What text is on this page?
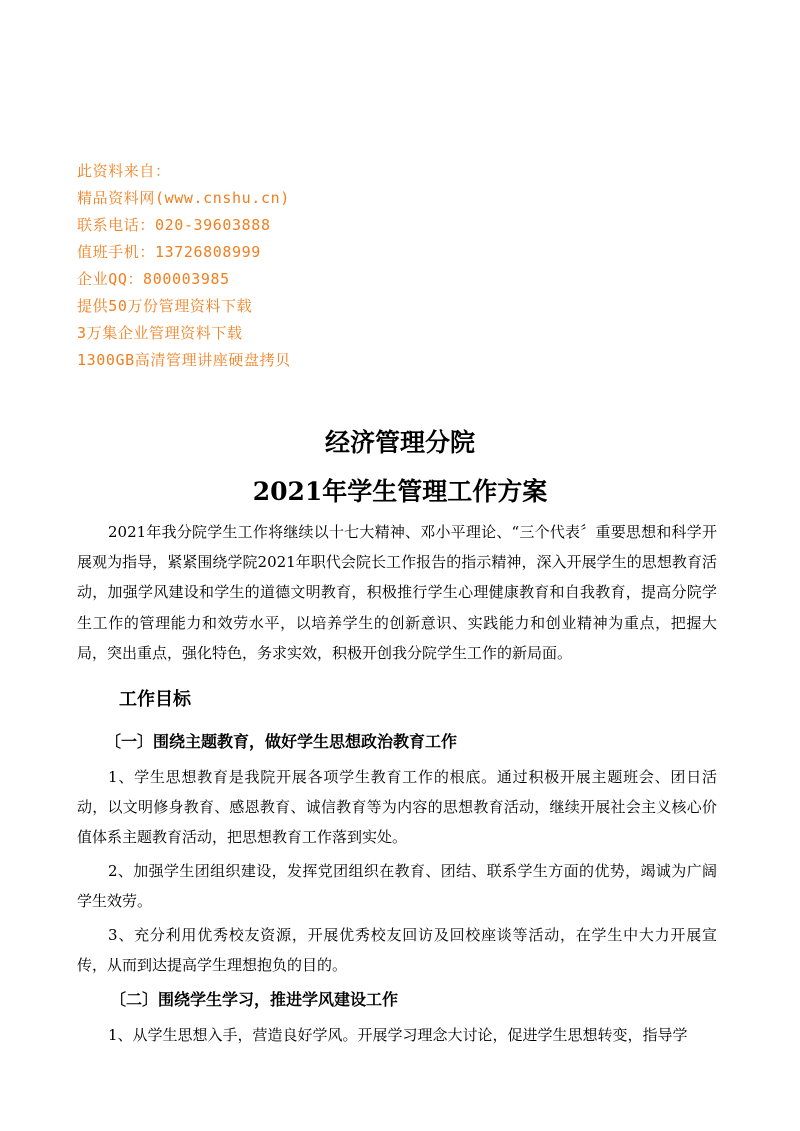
此资料来自：
精品资料网(www.cnshu.cn)
联系电话：020-39603888
值班手机：13726808999
企业QQ：800003985
提供50万份管理资料下载
3万集企业管理资料下载
1300GB高清管理讲座硬盘拷贝
经济管理分院
2021年学生管理工作方案
2021年我分院学生工作将继续以十七大精神、邓小平理论、“三个代表〞重要思想和科学开展观为指导，紧紧围绕学院2021年职代会院长工作报告的指示精神，深入开展学生的思想教育活动，加强学风建设和学生的道德文明教育，积极推行学生心理健康教育和自我教育，提高分院学生工作的管理能力和效劳水平，以培养学生的创新意识、实践能力和创业精神为重点，把握大局，突出重点，强化特色，务求实效，积极开创我分院学生工作的新局面。
工作目标
〔一〕围绕主题教育，做好学生思想政治教育工作
1、学生思想教育是我院开展各项学生教育工作的根底。通过积极开展主题班会、团日活动，以文明修身教育、感恩教育、诚信教育等为内容的思想教育活动，继续开展社会主义核心价值体系主题教育活动，把思想教育工作落到实处。
2、加强学生团组织建设，发挥党团组织在教育、团结、联系学生方面的优势，竭诚为广阔学生效劳。
3、充分利用优秀校友资源，开展优秀校友回访及回校座谈等活动，在学生中大力开展宣传，从而到达提高学生理想抱负的目的。
〔二〕围绕学生学习，推进学风建设工作
1、从学生思想入手，营造良好学风。开展学习理念大讨论，促进学生思想转变，指导学
